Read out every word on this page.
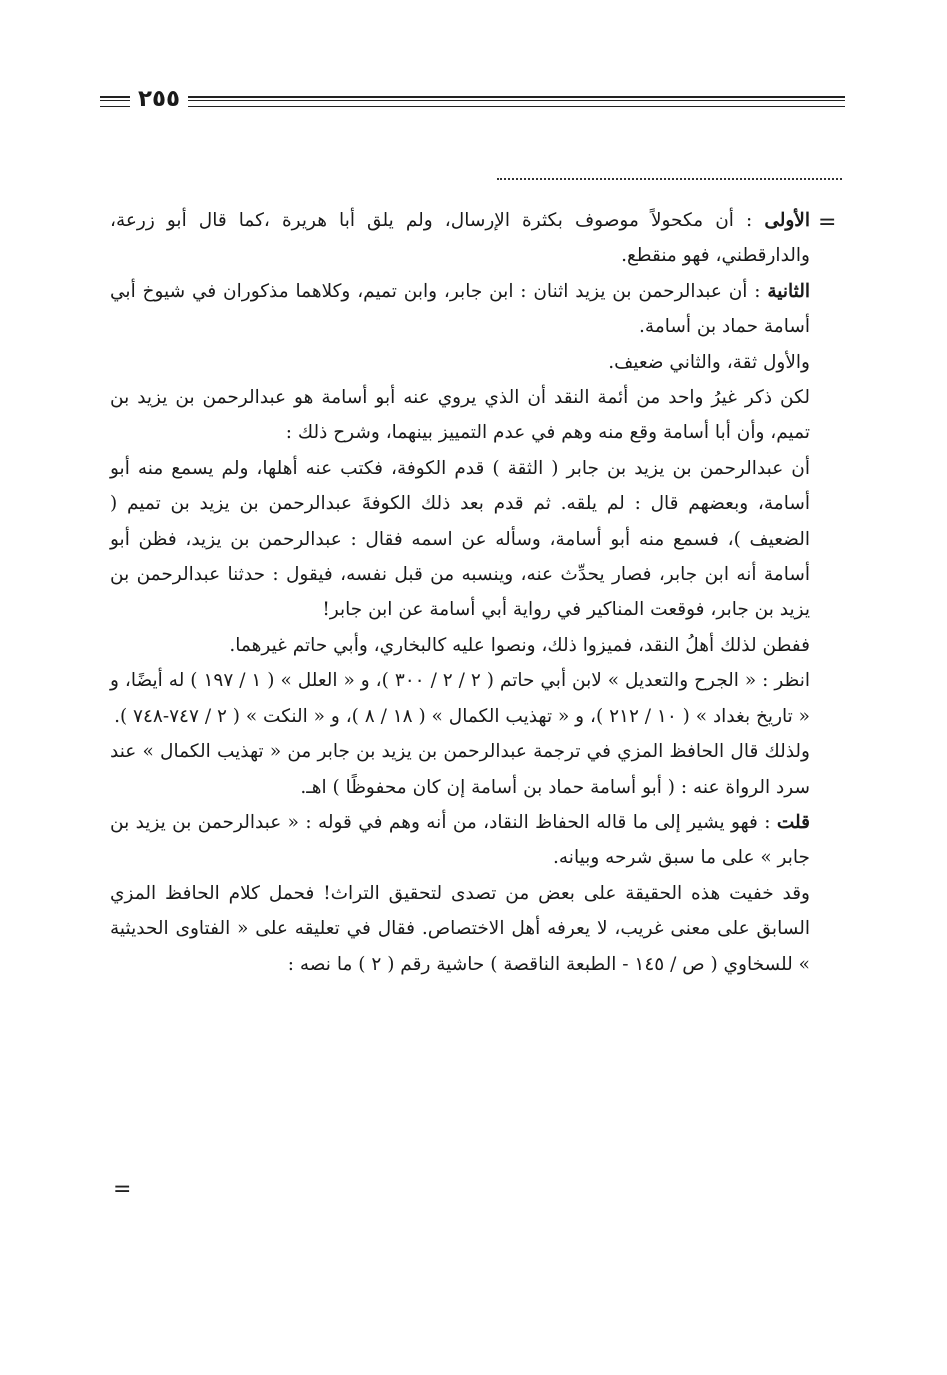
٢٥٥
=

الأولى : أن مكحولاً موصوف بكثرة الإرسال، ولم يلق أبا هريرة ،كما قال أبو زرعة، والدارقطني، فهو منقطع.

الثانية : أن عبدالرحمن بن يزيد اثنان : ابن جابر، وابن تميم، وكلاهما مذكوران في شيوخ أبي أسامة حماد بن أسامة.

والأول ثقة، والثاني ضعيف.

لكن ذكر غيرُ واحد من أئمة النقد أن الذي يروي عنه أبو أسامة هو عبدالرحمن بن يزيد بن تميم، وأن أبا أسامة وقع منه وهم في عدم التمييز بينهما، وشرح ذلك :

أن عبدالرحمن بن يزيد بن جابر ( الثقة ) قدم الكوفة، فكتب عنه أهلها، ولم يسمع منه أبو أسامة، وبعضهم قال : لم يلقه. ثم قدم بعد ذلك الكوفةَ عبدالرحمن بن يزيد بن تميم ( الضعيف )، فسمع منه أبو أسامة، وسأله عن اسمه فقال : عبدالرحمن بن يزيد، فظن أبو أسامة أنه ابن جابر، فصار يحدِّث عنه، وينسبه من قبل نفسه، فيقول : حدثنا عبدالرحمن بن يزيد بن جابر، فوقعت المناكير في رواية أبي أسامة عن ابن جابر!

ففطن لذلك أهلُ النقد، فميزوا ذلك، ونصوا عليه كالبخاري، وأبي حاتم غيرهما.

انظر : « الجرح والتعديل » لابن أبي حاتم ( ٢ / ٢ / ٣٠٠ )، و « العلل » ( ١ / ١٩٧ ) له أيضًا، و « تاريخ بغداد » ( ١٠ / ٢١٢ )، و « تهذيب الكمال » ( ١٨ / ٨ )، و « النكت » ( ٢ / ٧٤٧-٧٤٨ ).

ولذلك قال الحافظ المزي في ترجمة عبدالرحمن بن يزيد بن جابر من « تهذيب الكمال » عند سرد الرواة عنه : ( أبو أسامة حماد بن أسامة إن كان محفوظًا ) اهـ.

قلت : فهو يشير إلى ما قاله الحفاظ النقاد، من أنه وهم في قوله : « عبدالرحمن بن يزيد بن جابر » على ما سبق شرحه وبيانه.

وقد خفيت هذه الحقيقة على بعض من تصدى لتحقيق التراث! فحمل كلام الحافظ المزي السابق على معنى غريب، لا يعرفه أهل الاختصاص. فقال في تعليقه على « الفتاوى الحديثية » للسخاوي ( ص / ١٤٥ - الطبعة الناقصة ) حاشية رقم ( ٢ ) ما نصه :

=
